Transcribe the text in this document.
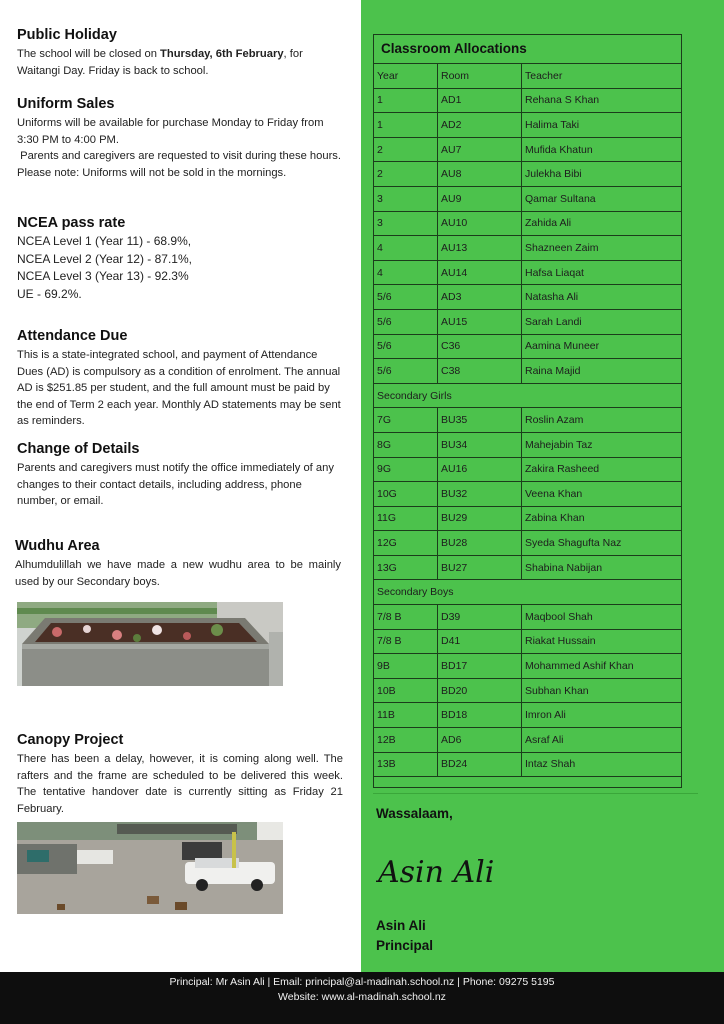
Public Holiday

The school will be closed on Thursday, 6th February, for Waitangi Day. Friday is back to school.

Uniform Sales

Uniforms will be available for purchase Monday to Friday from 3:30 PM to 4:00 PM.

Parents and caregivers are requested to visit during these hours.

Please note: Uniforms will not be sold in the mornings.

NCEA pass rate

NCEA Level 1 (Year 11) - 68.9%,

NCEA Level 2 (Year 12) - 87.1%,

NCEA Level 3 (Year 13) - 92.3%

UE - 69.2%.

Attendance Due

This is a state-integrated school, and payment of Attendance Dues (AD) is compulsory as a condition of enrolment. The annual AD is $251.85 per student, and the full amount must be paid by the end of Term 2 each year. Monthly AD statements may be sent as reminders.

Change of Details

Parents and caregivers must notify the office immediately of any changes to their contact details, including address, phone number, or email.

Wudhu Area

Alhumdulillah we have made a new wudhu area to be mainly used by our Secondary boys.

Canopy Project

There has been a delay, however, it is coming along well. The rafters and the frame are scheduled to be delivered this week. The tentative handover date is currently sitting as Friday 21 February.

Classroom Allocations
Year	Room	Teacher
1	AD1	Rehana S Khan
1	AD2	Halima Taki
2	AU7	Mufida Khatun
2	AU8	Julekha Bibi
3	AU9	Qamar Sultana
3	AU10	Zahida Ali
4	AU13	Shazneen Zaim
4	AU14	Hafsa Liaqat
5/6	AD3	Natasha Ali
5/6	AU15	Sarah Landi
5/6	C36	Aamina Muneer
5/6	C38	Raina Majid
Secondary Girls
7G	BU35	Roslin Azam
8G	BU34	Mahejabin Taz
9G	AU16	Zakira Rasheed
10G	BU32	Veena Khan
11G	BU29	Zabina Khan
12G	BU28	Syeda Shagufta Naz
13G	BU27	Shabina Nabijan
Secondary Boys
7/8 B	D39	Maqbool Shah
7/8 B	D41	Riakat Hussain
9B	BD17	Mohammed Ashif Khan
10B	BD20	Subhan Khan
11B	BD18	Imron Ali
12B	AD6	Asraf Ali
13B	BD24	Intaz Shah
Wassalaam,
Asin Ali
Asin Ali
Principal
Principal: Mr Asin Ali | Email: principal@al-madinah.school.nz | Phone: 09275 5195
Website: www.al-madinah.school.nz
